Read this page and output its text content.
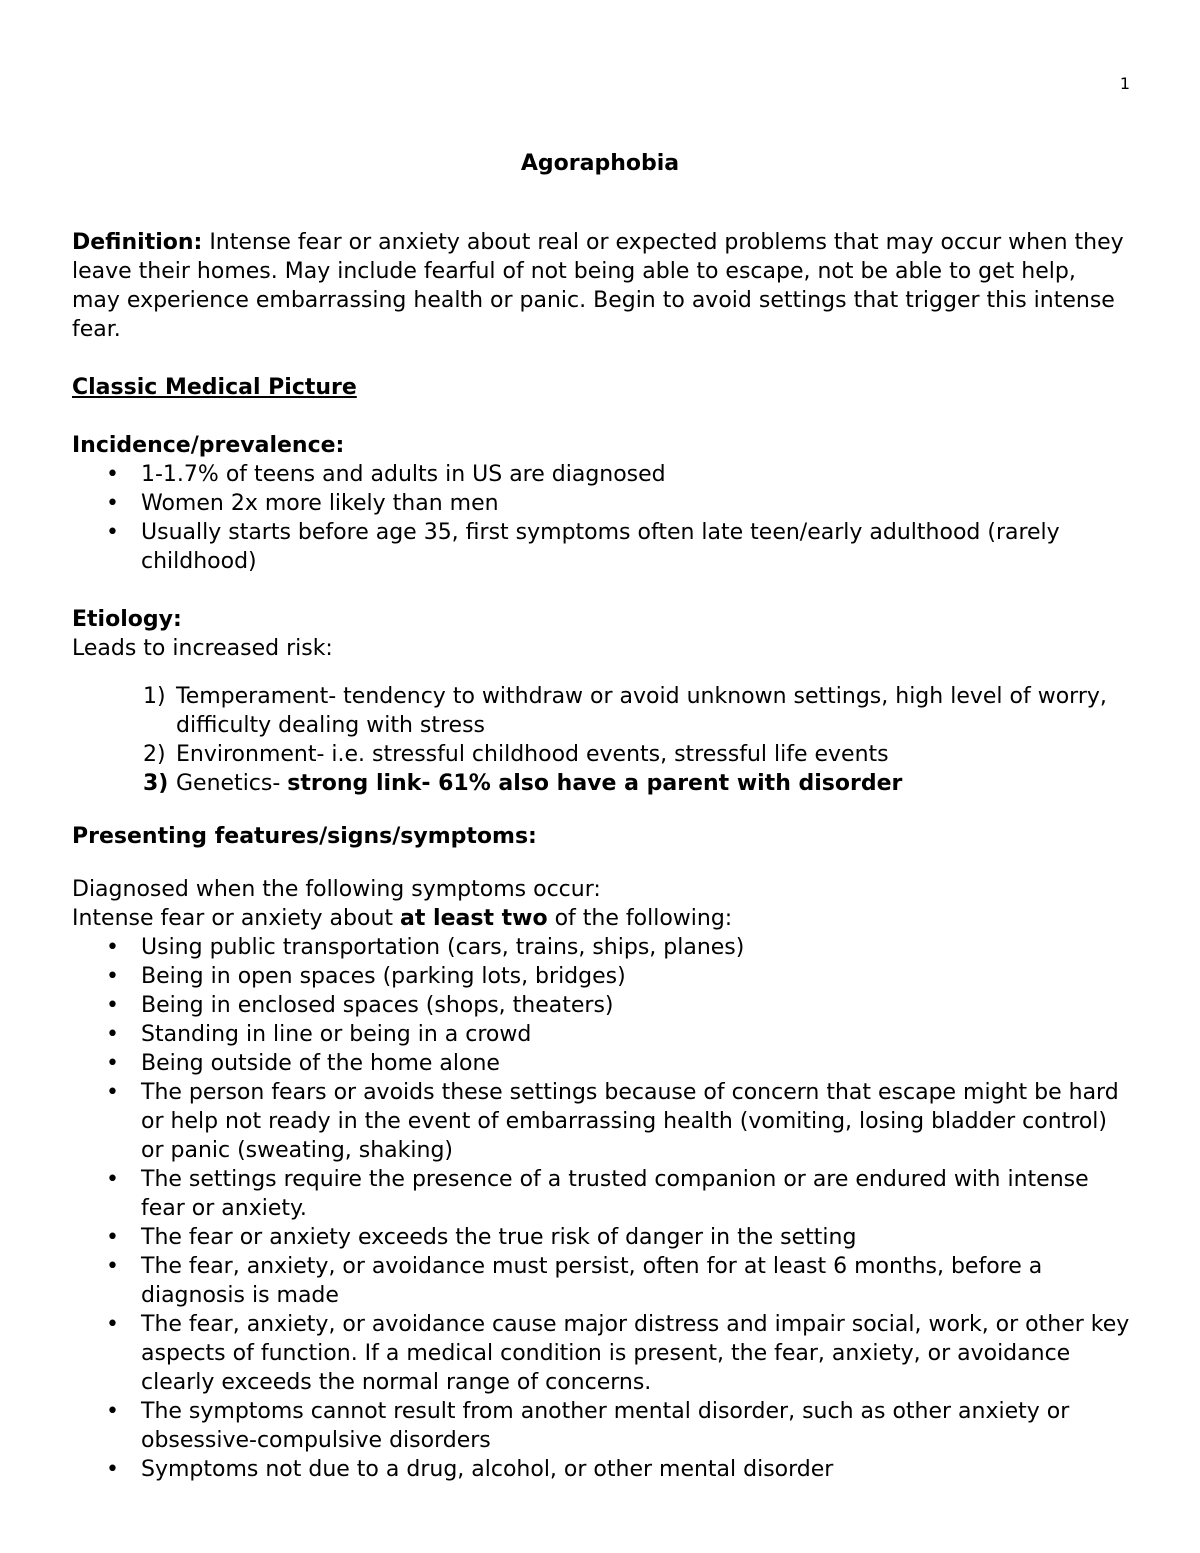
1
Agoraphobia

Definition: Intense fear or anxiety about real or expected problems that may occur when they leave their homes. May include fearful of not being able to escape, not be able to get help, may experience embarrassing health or panic. Begin to avoid settings that trigger this intense fear.

Classic Medical Picture

Incidence/prevalence:

• 1-1.7% of teens and adults in US are diagnosed
• Women 2x more likely than men
• Usually starts before age 35, first symptoms often late teen/early adulthood (rarely childhood)

Etiology:

Leads to increased risk:

1) Temperament- tendency to withdraw or avoid unknown settings, high level of worry, difficulty dealing with stress
2) Environment- i.e. stressful childhood events, stressful life events
3) Genetics- strong link- 61% also have a parent with disorder

Presenting features/signs/symptoms:

Diagnosed when the following symptoms occur:

Intense fear or anxiety about at least two of the following:

• Using public transportation (cars, trains, ships, planes)
• Being in open spaces (parking lots, bridges)
• Being in enclosed spaces (shops, theaters)
• Standing in line or being in a crowd
• Being outside of the home alone
• The person fears or avoids these settings because of concern that escape might be hard or help not ready in the event of embarrassing health (vomiting, losing bladder control) or panic (sweating, shaking)
• The settings require the presence of a trusted companion or are endured with intense fear or anxiety.
• The fear or anxiety exceeds the true risk of danger in the setting
• The fear, anxiety, or avoidance must persist, often for at least 6 months, before a diagnosis is made
• The fear, anxiety, or avoidance cause major distress and impair social, work, or other key aspects of function. If a medical condition is present, the fear, anxiety, or avoidance clearly exceeds the normal range of concerns.
• The symptoms cannot result from another mental disorder, such as other anxiety or obsessive-compulsive disorders
• Symptoms not due to a drug, alcohol, or other mental disorder
